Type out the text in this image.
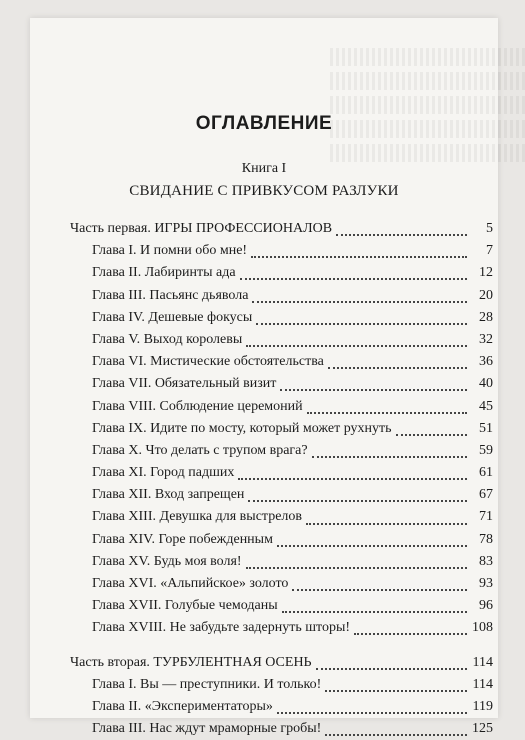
ОГЛАВЛЕНИЕ
Книга I
СВИДАНИЕ С ПРИВКУСОМ РАЗЛУКИ
Часть первая. ИГРЫ ПРОФЕССИОНАЛОВ	5
Глава I. И помни обо мне!	7
Глава II. Лабиринты ада	12
Глава III. Пасьянс дьявола	20
Глава IV. Дешевые фокусы	28
Глава V. Выход королевы	32
Глава VI. Мистические обстоятельства	36
Глава VII. Обязательный визит	40
Глава VIII. Соблюдение церемоний	45
Глава IX. Идите по мосту, который может рухнуть	51
Глава X. Что делать с трупом врага?	59
Глава XI. Город падших	61
Глава XII. Вход запрещен	67
Глава XIII. Девушка для выстрелов	71
Глава XIV. Горе побежденным	78
Глава XV. Будь моя воля!	83
Глава XVI. «Альпийское» золото	93
Глава XVII. Голубые чемоданы	96
Глава XVIII. Не забудьте задернуть шторы!	108
Часть вторая. ТУРБУЛЕНТНАЯ ОСЕНЬ	114
Глава I. Вы — преступники. И только!	114
Глава II. «Экспериментаторы»	119
Глава III. Нас ждут мраморные гробы!	125
